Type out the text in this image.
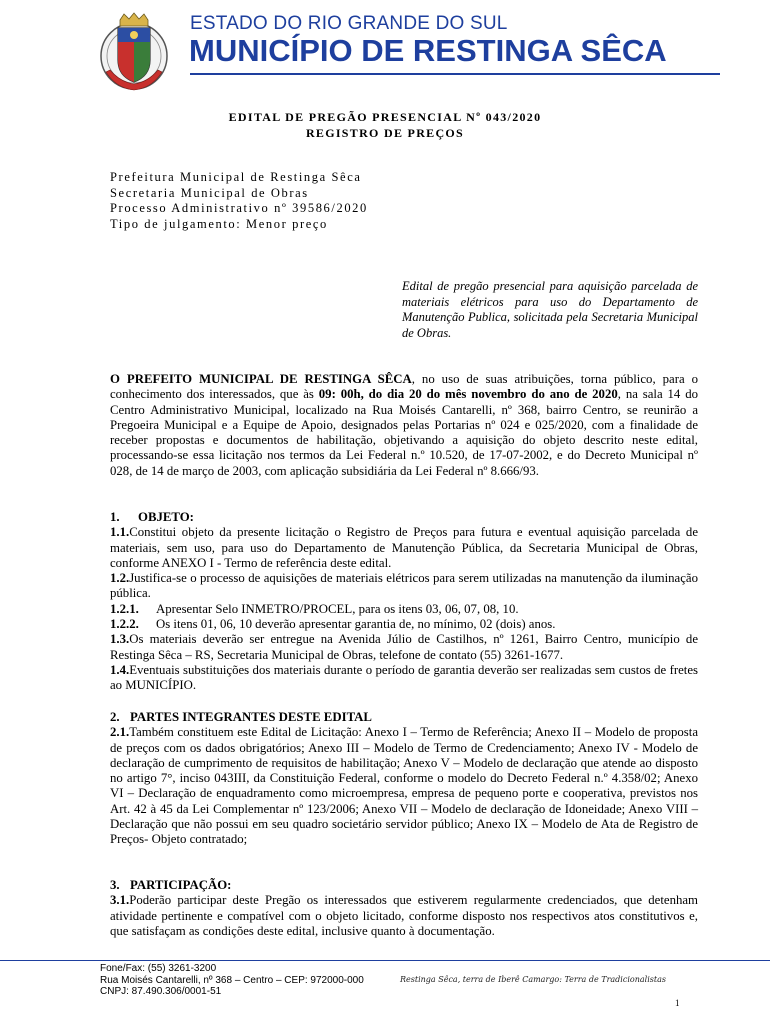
ESTADO DO RIO GRANDE DO SUL
MUNICÍPIO DE RESTINGA SÊCA
EDITAL DE PREGÃO PRESENCIAL Nº 043/2020
REGISTRO DE PREÇOS
Prefeitura Municipal de Restinga Sêca
Secretaria Municipal de Obras
Processo Administrativo nº 39586/2020
Tipo de julgamento: Menor preço
Edital de pregão presencial para aquisição parcelada de materiais elétricos para uso do Departamento de Manutenção Publica, solicitada pela Secretaria Municipal de Obras.
O PREFEITO MUNICIPAL DE RESTINGA SÊCA, no uso de suas atribuições, torna público, para o conhecimento dos interessados, que às 09: 00h, do dia 20 do mês novembro do ano de 2020, na sala 14 do Centro Administrativo Municipal, localizado na Rua Moisés Cantarelli, nº 368, bairro Centro, se reunirão a Pregoeira Municipal e a Equipe de Apoio, designados pelas Portarias nº 024 e 025/2020, com a finalidade de receber propostas e documentos de habilitação, objetivando a aquisição do objeto descrito neste edital, processando-se essa licitação nos termos da Lei Federal n.º 10.520, de 17-07-2002, e do Decreto Municipal nº 028, de 14 de março de 2003, com aplicação subsidiária da Lei Federal nº 8.666/93.

1. OBJETO:

1.1.Constitui objeto da presente licitação o Registro de Preços para futura e eventual aquisição parcelada de materiais, sem uso, para uso do Departamento de Manutenção Pública, da Secretaria Municipal de Obras, conforme ANEXO I - Termo de referência deste edital.

1.2.Justifica-se o processo de aquisições de materiais elétricos para serem utilizadas na manutenção da iluminação pública.

1.2.1. Apresentar Selo INMETRO/PROCEL, para os itens 03, 06, 07, 08, 10.

1.2.2. Os itens 01, 06, 10 deverão apresentar garantia de, no mínimo, 02 (dois) anos.

1.3.Os materiais deverão ser entregue na Avenida Júlio de Castilhos, nº 1261, Bairro Centro, município de Restinga Sêca – RS, Secretaria Municipal de Obras, telefone de contato (55) 3261-1677.

1.4.Eventuais substituições dos materiais durante o período de garantia deverão ser realizadas sem custos de fretes ao MUNICÍPIO.

2. PARTES INTEGRANTES DESTE EDITAL

2.1.Também constituem este Edital de Licitação: Anexo I – Termo de Referência; Anexo II – Modelo de proposta de preços com os dados obrigatórios; Anexo III – Modelo de Termo de Credenciamento; Anexo IV - Modelo de declaração de cumprimento de requisitos de habilitação; Anexo V – Modelo de declaração que atende ao disposto no artigo 7°, inciso 043III, da Constituição Federal, conforme o modelo do Decreto Federal n.º 4.358/02; Anexo VI – Declaração de enquadramento como microempresa, empresa de pequeno porte e cooperativa, previstos nos Art. 42 à 45 da Lei Complementar nº 123/2006; Anexo VII – Modelo de declaração de Idoneidade; Anexo VIII – Declaração que não possui em seu quadro societário servidor público; Anexo IX – Modelo de Ata de Registro de Preços- Objeto contratado;

3. PARTICIPAÇÃO:

3.1.Poderão participar deste Pregão os interessados que estiverem regularmente credenciados, que detenham atividade pertinente e compatível com o objeto licitado, conforme disposto nos respectivos atos constitutivos e, que satisfaçam as condições deste edital, inclusive quanto à documentação.

Fone/Fax: (55) 3261-3200
Rua Moisés Cantarelli, nº 368 – Centro – CEP: 972000-000
CNPJ: 87.490.306/0001-51
Restinga Sêca, terra de Iberê Camargo: Terra de Tradicionalistas
1
